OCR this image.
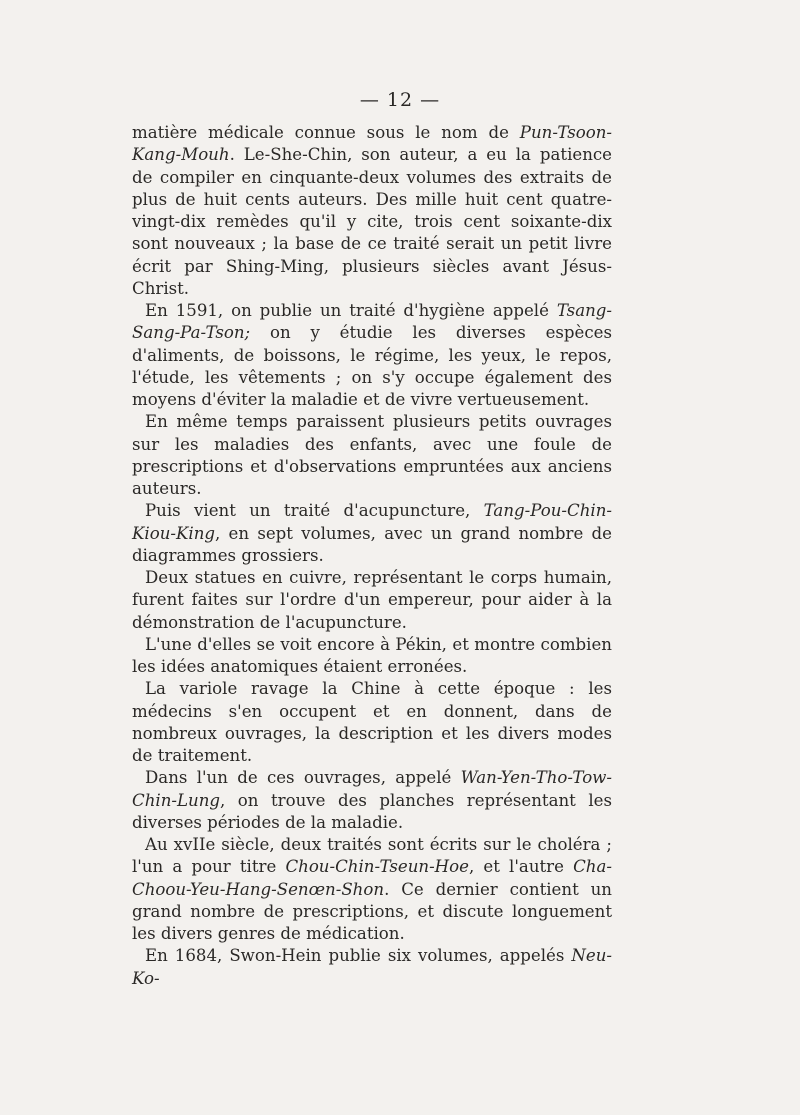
— 12 —

matière médicale connue sous le nom de Pun-Tsoon-Kang-Mouh. Le-She-Chin, son auteur, a eu la patience de compiler en cinquante-deux volumes des extraits de plus de huit cents auteurs. Des mille huit cent quatre-vingt-dix remèdes qu'il y cite, trois cent soixante-dix sont nouveaux ; la base de ce traité serait un petit livre écrit par Shing-Ming, plusieurs siècles avant Jésus-Christ.

En 1591, on publie un traité d'hygiène appelé Tsang-Sang-Pa-Tson; on y étudie les diverses espèces d'aliments, de boissons, le régime, les yeux, le repos, l'étude, les vêtements ; on s'y occupe également des moyens d'éviter la maladie et de vivre vertueusement.

En même temps paraissent plusieurs petits ouvrages sur les maladies des enfants, avec une foule de prescriptions et d'observations empruntées aux anciens auteurs.

Puis vient un traité d'acupuncture, Tang-Pou-Chin-Kiou-King, en sept volumes, avec un grand nombre de diagrammes grossiers.

Deux statues en cuivre, représentant le corps humain, furent faites sur l'ordre d'un empereur, pour aider à la démonstration de l'acupuncture.

L'une d'elles se voit encore à Pékin, et montre combien les idées anatomiques étaient erronées.

La variole ravage la Chine à cette époque : les médecins s'en occupent et en donnent, dans de nombreux ouvrages, la description et les divers modes de traitement.

Dans l'un de ces ouvrages, appelé Wan-Yen-Tho-Tow-Chin-Lung, on trouve des planches représentant les diverses périodes de la maladie.

Au xvIIe siècle, deux traités sont écrits sur le choléra ; l'un a pour titre Chou-Chin-Tseun-Hoe, et l'autre Cha-Choou-Yeu-Hang-Senœn-Shon. Ce dernier contient un grand nombre de prescriptions, et discute longuement les divers genres de médication.

En 1684, Swon-Hein publie six volumes, appelés Neu-Ko-
